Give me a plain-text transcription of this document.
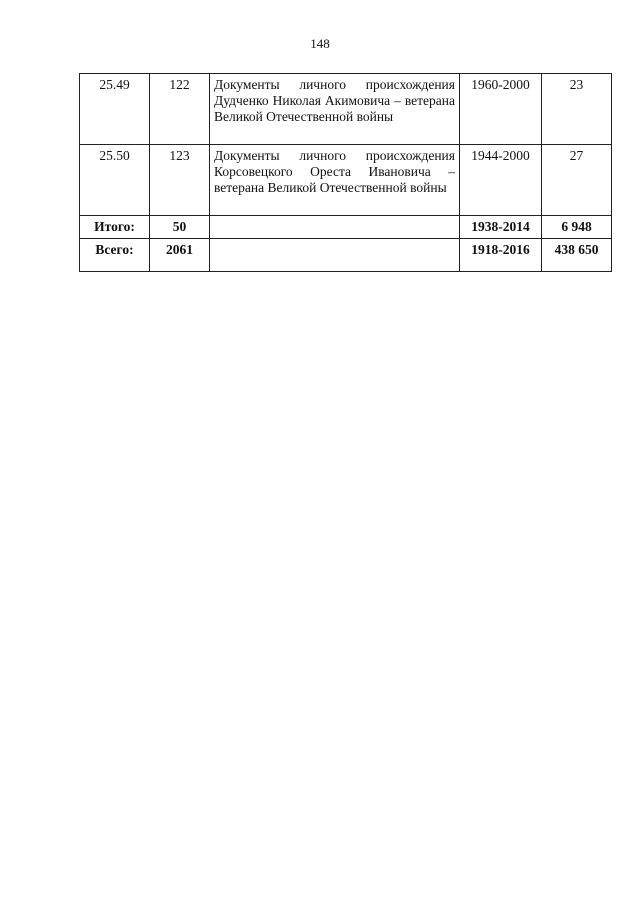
148
25.49	122	Документы личного происхождения Дудченко Николая Акимовича – ветерана Великой Отечественной войны	1960-2000	23
25.50	123	Документы личного происхождения Корсовецкого Ореста Ивановича – ветерана Великой Отечественной войны	1944-2000	27
Итого:	50		1938-2014	6 948
Всего:	2061		1918-2016	438 650
